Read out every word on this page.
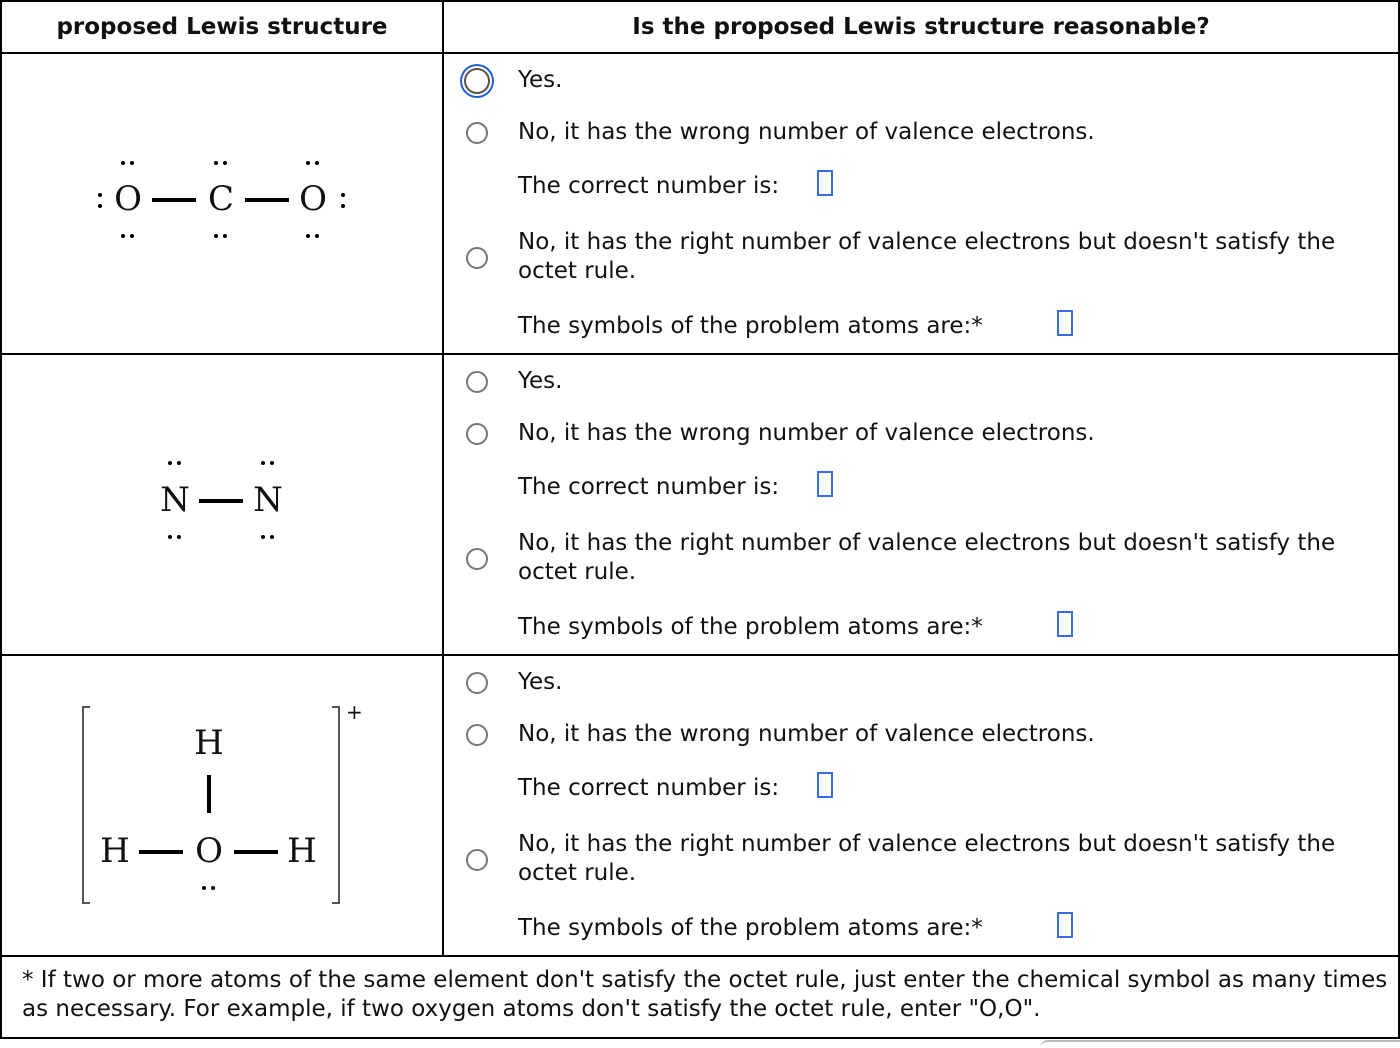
proposed Lewis structure	Is the proposed Lewis structure reasonable?
O C O
Yes.
No, it has the wrong number of valence electrons.
The correct number is:
No, it has the right number of valence electrons but doesn't satisfy the octet rule.
The symbols of the problem atoms are:*
N N
Yes.
No, it has the wrong number of valence electrons.
The correct number is:
No, it has the right number of valence electrons but doesn't satisfy the octet rule.
The symbols of the problem atoms are:*
H
H O H
+
Yes.
No, it has the wrong number of valence electrons.
The correct number is:
No, it has the right number of valence electrons but doesn't satisfy the octet rule.
The symbols of the problem atoms are:*
* If two or more atoms of the same element don't satisfy the octet rule, just enter the chemical symbol as many times as necessary. For example, if two oxygen atoms don't satisfy the octet rule, enter "O,O".
